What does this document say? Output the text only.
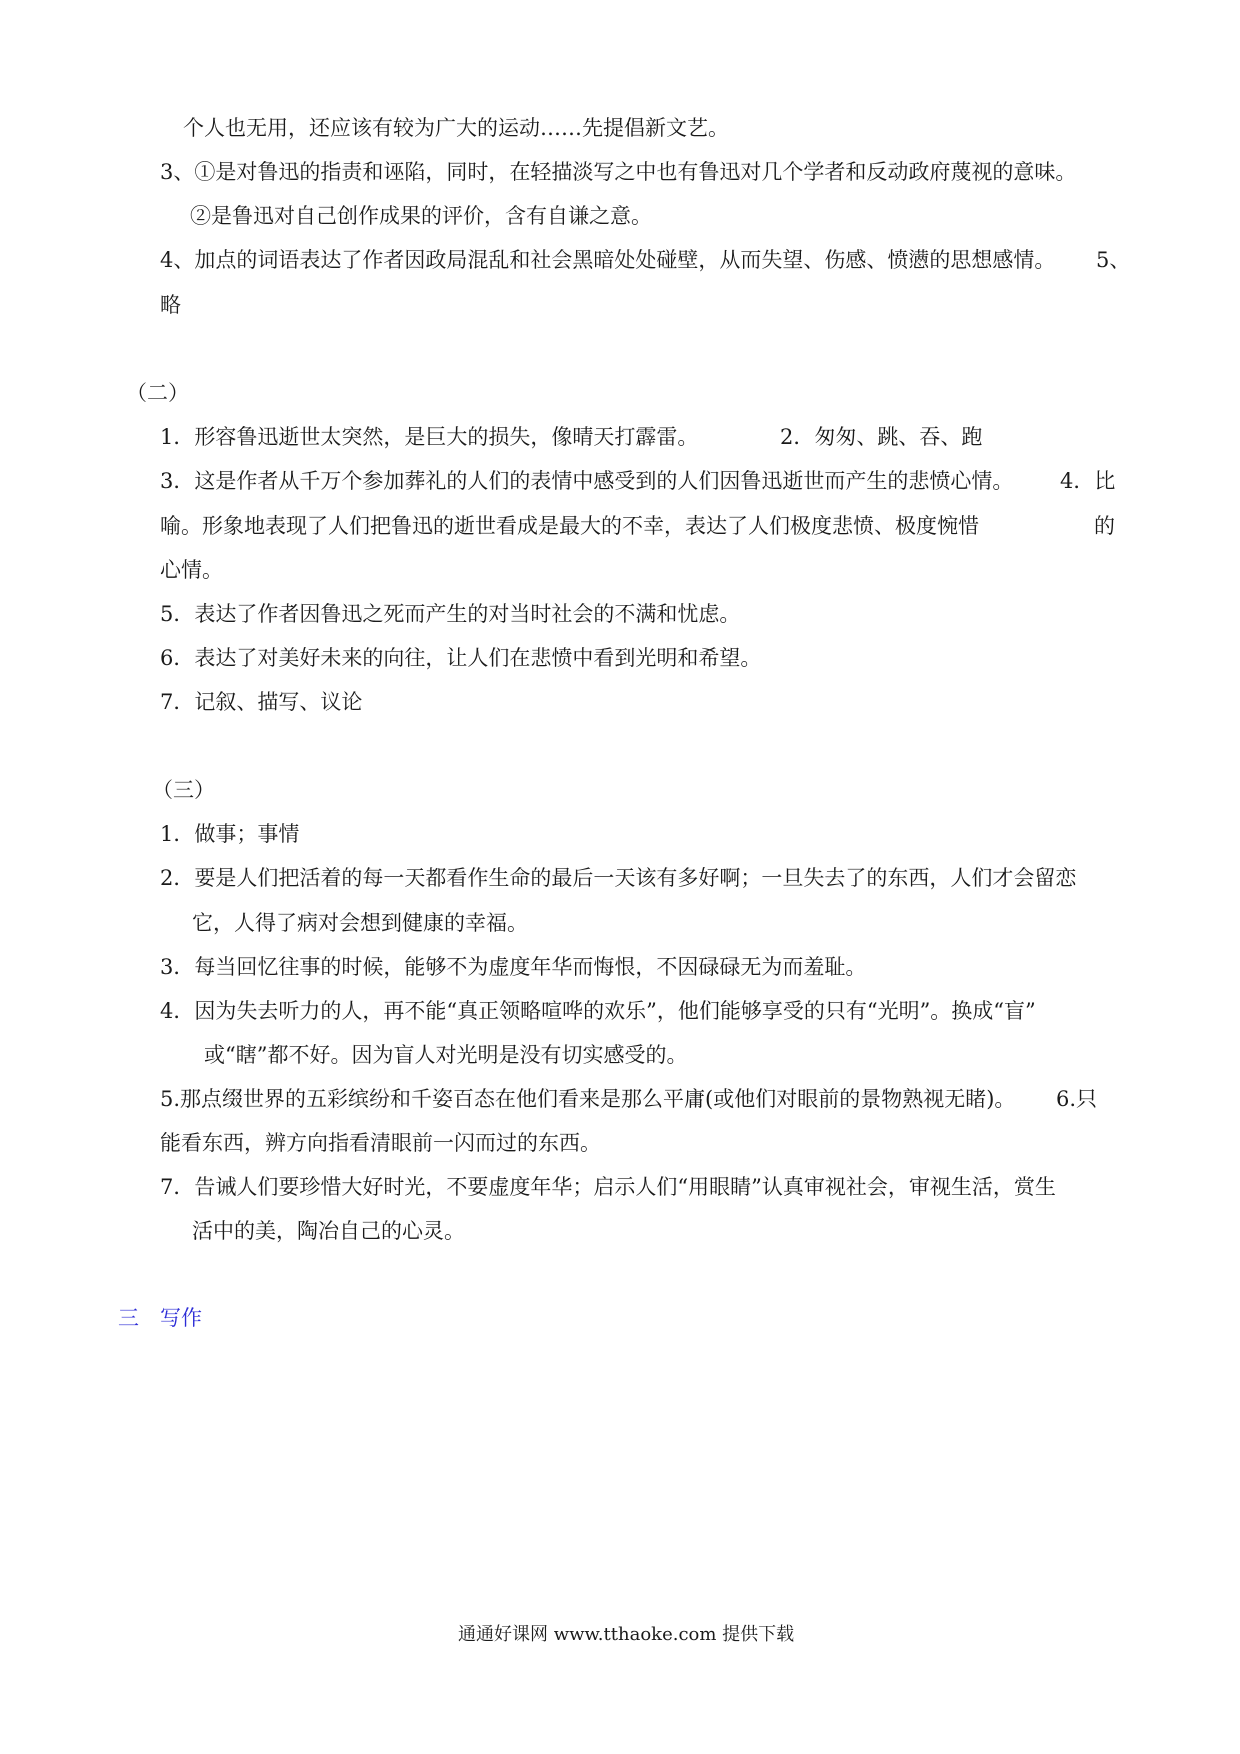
个人也无用，还应该有较为广大的运动……先提倡新文艺。

3、①是对鲁迅的指责和诬陷，同时，在轻描淡写之中也有鲁迅对几个学者和反动政府蔑视的意味。

②是鲁迅对自己创作成果的评价，含有自谦之意。

4、加点的词语表达了作者因政局混乱和社会黑暗处处碰壁，从而失望、伤感、愤懑的思想感情。 5、

略

（二）

1．形容鲁迅逝世太突然，是巨大的损失，像晴天打霹雷。	2．匆匆、跳、吞、跑

3．这是作者从千万个参加葬礼的人们的表情中感受到的人们因鲁迅逝世而产生的悲愤心情。 4．比

喻。形象地表现了人们把鲁迅的逝世看成是最大的不幸，表达了人们极度悲愤、极度惋惜	的

心情。

5．表达了作者因鲁迅之死而产生的对当时社会的不满和忧虑。

6．表达了对美好未来的向往，让人们在悲愤中看到光明和希望。

7．记叙、描写、议论

（三）

1．做事；事情

2．要是人们把活着的每一天都看作生命的最后一天该有多好啊；一旦失去了的东西，人们才会留恋

它，人得了病对会想到健康的幸福。

3．每当回忆往事的时候，能够不为虚度年华而悔恨，不因碌碌无为而羞耻。

4．因为失去听力的人，再不能“真正领略喧哗的欢乐”，他们能够享受的只有“光明”。换成“盲”

或“瞎”都不好。因为盲人对光明是没有切实感受的。

5.那点缀世界的五彩缤纷和千姿百态在他们看来是那么平庸(或他们对眼前的景物熟视无睹)。 6.只

能看东西，辨方向指看清眼前一闪而过的东西。

7．告诫人们要珍惜大好时光，不要虚度年华；启示人们“用眼睛”认真审视社会，审视生活，赏生

活中的美，陶冶自己的心灵。

三　写作

通通好课网 www.tthaoke.com 提供下载
